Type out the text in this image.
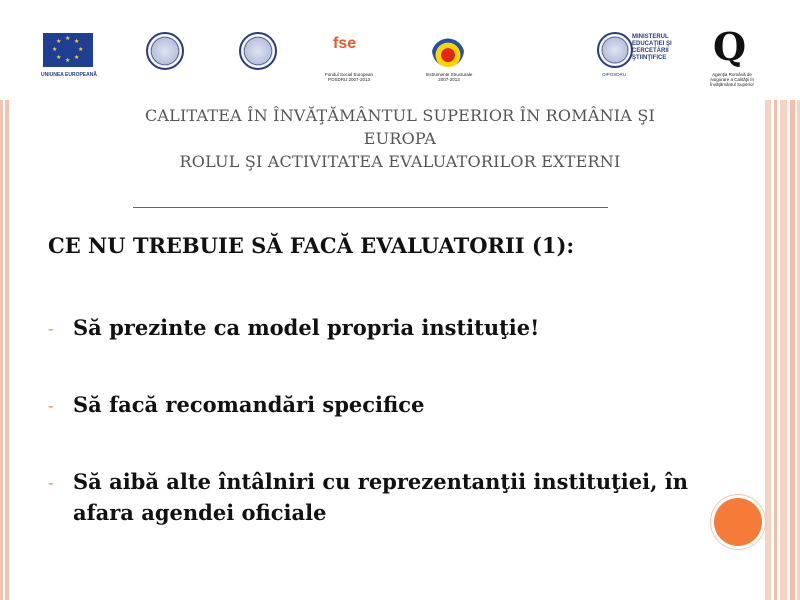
★ ★
★
★
★
★
★
★
UNIUNEA EUROPEANĂ
fse
Fondul Social European
POSDRU 2007-2013
Instrumente Structurale
2007-2013
MINISTERUL
EDUCAŢIEI ŞI
CERCETĂRII
ŞTIINŢIFICE
OIPOSDRU
Q
Agenţia Română de Asigurare a Calităţii în Învăţământul Superior
CALITATEA ÎN ÎNVĂŢĂMÂNTUL SUPERIOR ÎN ROMÂNIA ŞI
EUROPA
ROLUL ŞI ACTIVITATEA EVALUATORILOR EXTERNI
CE NU TREBUIE SĂ FACĂ EVALUATORII (1):
- Să prezinte ca model propria instituţie!
- Să facă recomandări specifice
- Să aibă alte întâlniri cu reprezentanţii instituţiei, în afara agendei oficiale
